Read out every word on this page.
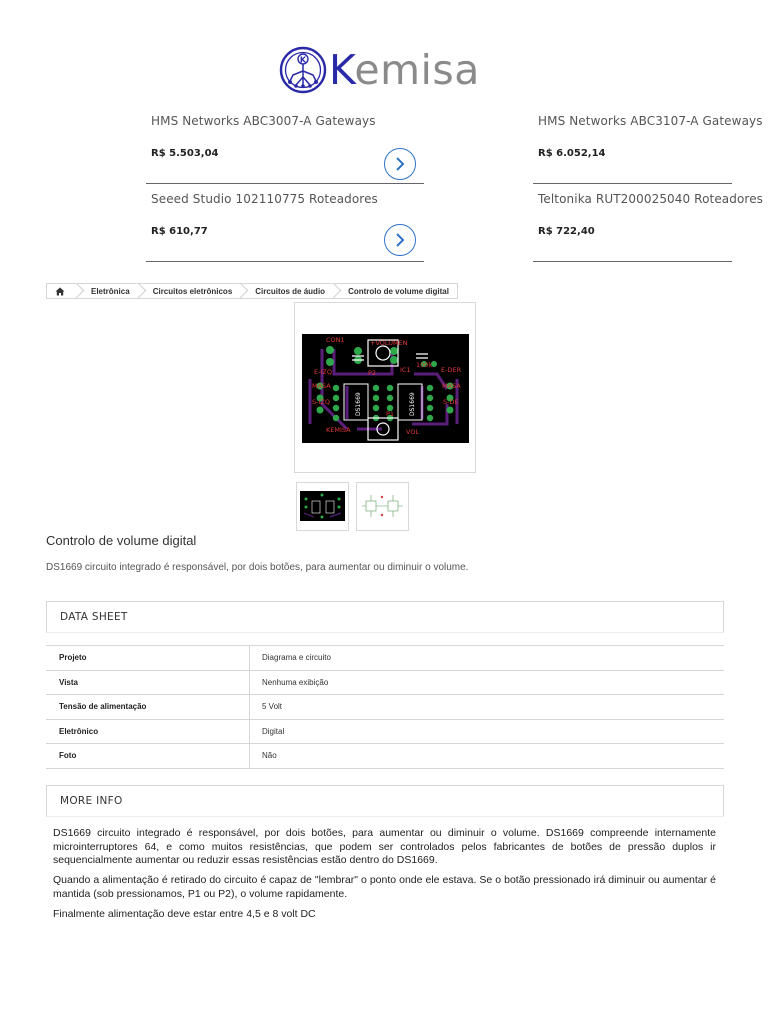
K Kemisa
HMS Networks ABC3007-A Gateways
R$ 5.503,04
HMS Networks ABC3107-A Gateways
R$ 6.052,14
Seeed Studio 102110775 Roteadores
R$ 610,77
Teltonika RUT200025040 Roteadores
R$ 722,40
Eletrônica	Circuitos eletrônicos	Circuitos de áudio	Controlo de volume digital
CON1	+VOLUMEN
E-IZQ	P2	IC1
100k
E-DER
MASA	MASA
S-IZQ	S-DE
P1
KEMISA	VOL
DS1669	DS1669
Controlo de volume digital
DS1669 circuito integrado é responsável, por dois botões, para aumentar ou diminuir o volume.
DATA SHEET
Projeto	Diagrama e circuito
Vista	Nenhuma exibição
Tensão de alimentação	5 Volt
Eletrônico	Digital
Foto	Não
MORE INFO

DS1669 circuito integrado é responsável, por dois botões, para aumentar ou diminuir o volume. DS1669 compreende internamente microinterruptores 64, e como muitos resistências, que podem ser controlados pelos fabricantes de botões de pressão duplos ir sequencialmente aumentar ou reduzir essas resistências estão dentro do DS1669.

Quando a alimentação é retirado do circuito é capaz de "lembrar" o ponto onde ele estava. Se o botão pressionado irá diminuir ou aumentar é mantida (sob pressionamos, P1 ou P2), o volume rapidamente.

Finalmente alimentação deve estar entre 4,5 e 8 volt DC
